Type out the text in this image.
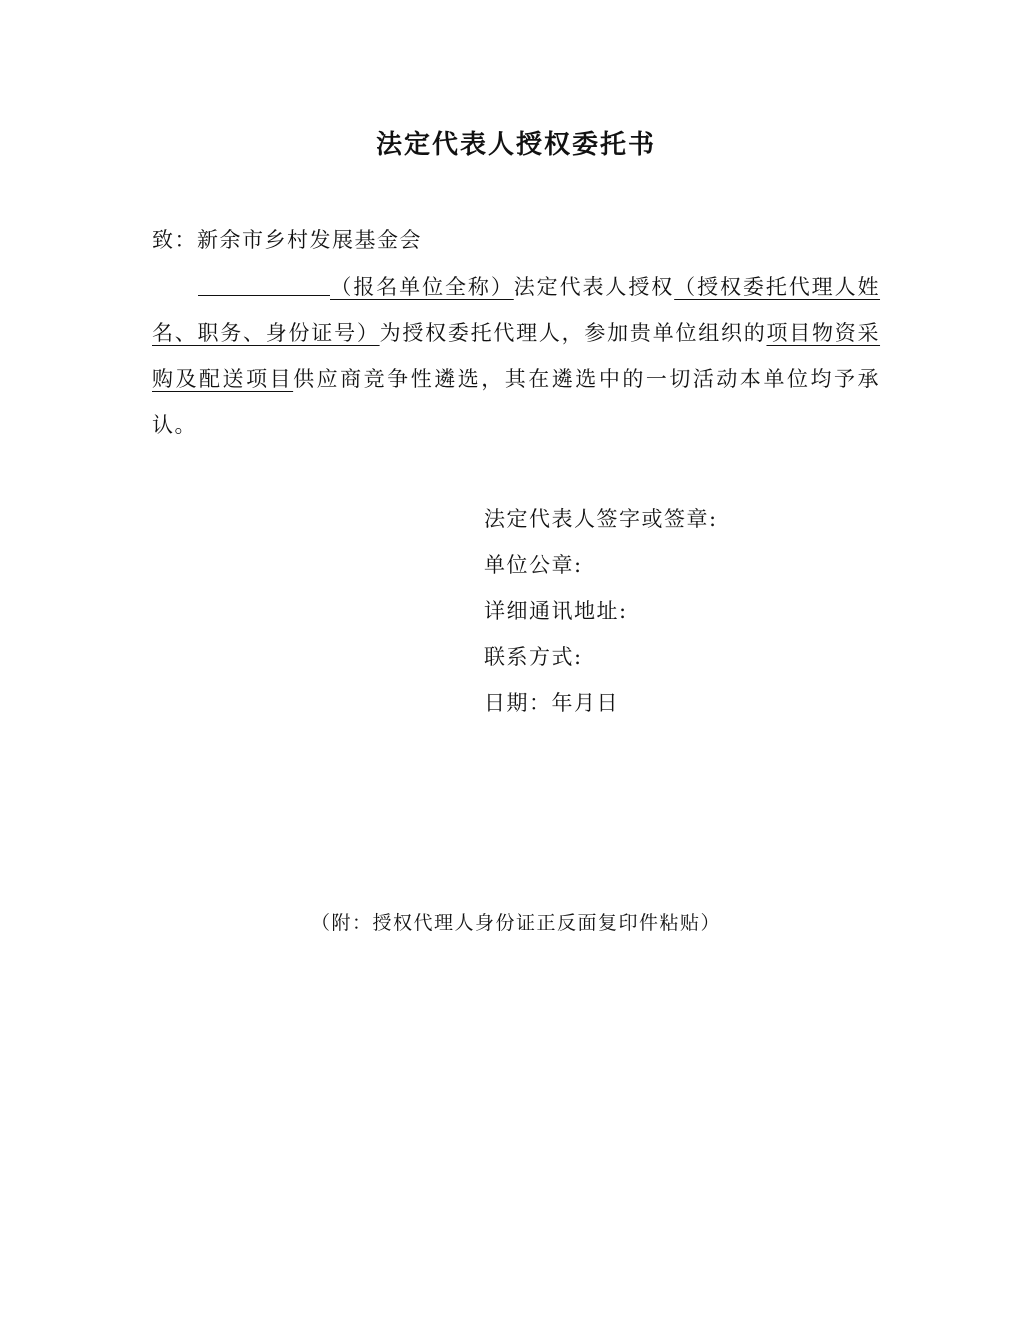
法定代表人授权委托书
致：新余市乡村发展基金会
（报名单位全称）法定代表人授权（授权委托代理人姓名、职务、身份证号）为授权委托代理人，参加贵单位组织的项目物资采购及配送项目供应商竞争性遴选，其在遴选中的一切活动本单位均予承认。
法定代表人签字或签章:
单位公章:
详细通讯地址:
联系方式:
日期：年月日
（附：授权代理人身份证正反面复印件粘贴）
